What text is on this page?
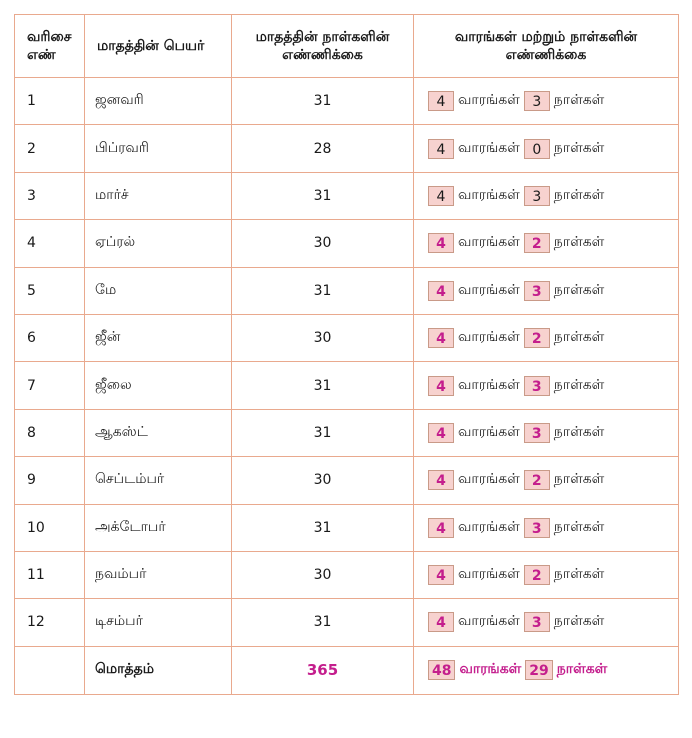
வரிசை எண்	மாதத்தின் பெயர்	மாதத்தின் நாள்களின் எண்ணிக்கை	வாரங்கள் மற்றும் நாள்களின் எண்ணிக்கை
1	ஜனவரி	31	4 வாரங்கள் 3 நாள்கள்
2	பிப்ரவரி	28	4 வாரங்கள் 0 நாள்கள்
3	மார்ச்	31	4 வாரங்கள் 3 நாள்கள்
4	ஏப்ரல்	30	4 வாரங்கள் 2 நாள்கள்
5	மே	31	4 வாரங்கள் 3 நாள்கள்
6	ஜீன்	30	4 வாரங்கள் 2 நாள்கள்
7	ஜீலை	31	4 வாரங்கள் 3 நாள்கள்
8	ஆகஸ்ட்	31	4 வாரங்கள் 3 நாள்கள்
9	செப்டம்பர்	30	4 வாரங்கள் 2 நாள்கள்
10	அக்டோபர்	31	4 வாரங்கள் 3 நாள்கள்
11	நவம்பர்	30	4 வாரங்கள் 2 நாள்கள்
12	டிசம்பர்	31	4 வாரங்கள் 3 நாள்கள்
	மொத்தம்	365	48 வாரங்கள் 29 நாள்கள்
